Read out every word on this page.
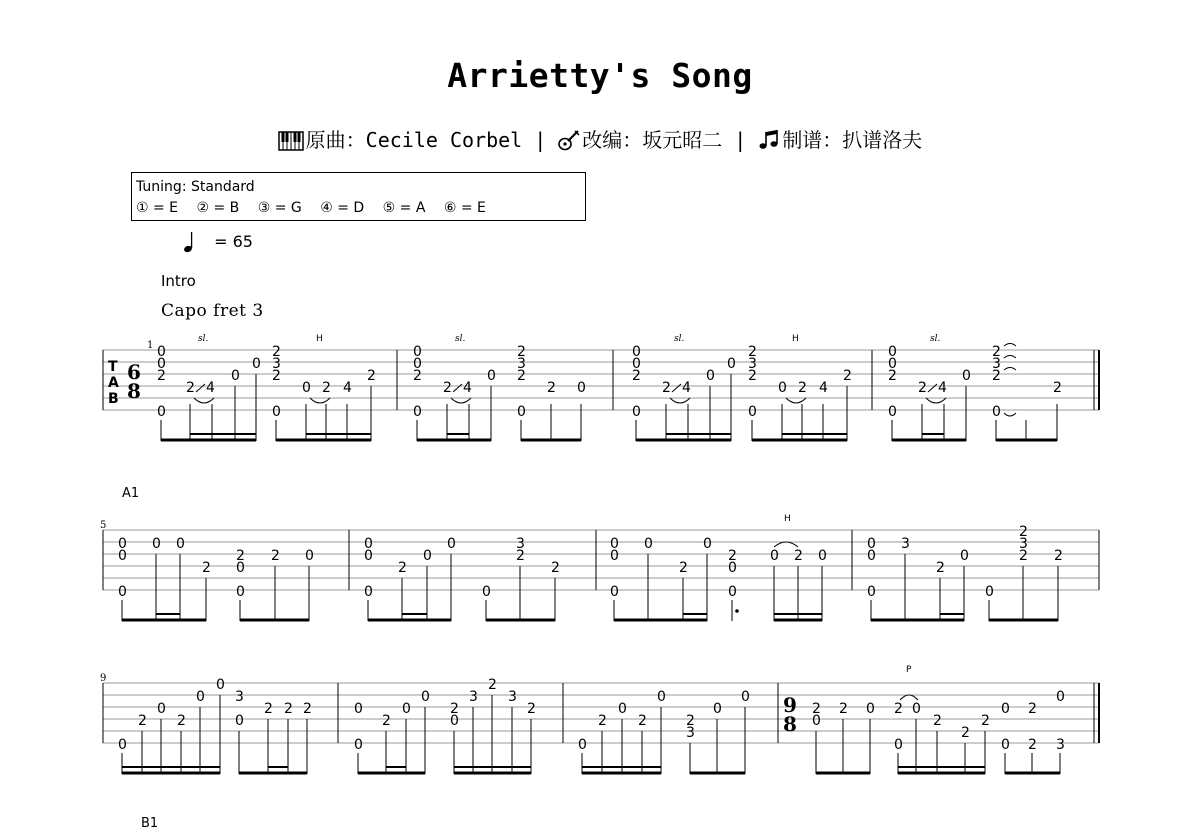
Arrietty's Song
原曲：Cecile Corbel | 改编：坂元昭二 | 制谱：扒谱洛夫
Tuning: Standard
① = E ② = B ③ = G ④ = D ⑤ = A ⑥ = E
= 65
Intro
Capo fret 3
A1
B1
1
T
A
B
6
8
0
0
2
0
2 4
0
0
2
3
2
0
0 2 4
2
0
0
2
0
2 4
0
2
3
2
0
2 0
0
0
2
0
2 4
0
0
2
3
2
0
0 2 4
2
0
0
2
0
2 4
0
2
3
2
0
2
sl.	H	sl.	sl.	H	sl.
5
0
0
0
0 0
2
2
0
0
2 0
0
0
0
2
0
0
0
3
2
2
0
0
0
0
2
0
2
0
0
0 2 0
0
0
0
3
2
0
0
2
3
2 2
H
9
9
8
0
2
0
2
0
0
3
0
2 2 2	0
0
2
0
0
2
0
3
2
3
2
0
2
0
2
0
2
3
0
0
2
0
2 0 2 0
0
2
2
2
0
0
2
2
0
3
P
